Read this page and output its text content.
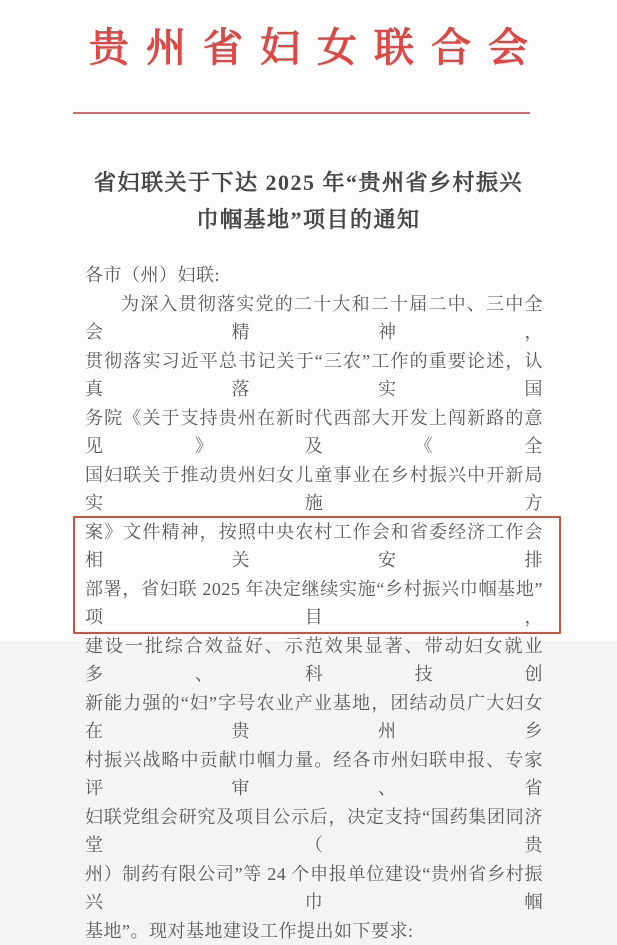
贵州省妇女联合会
省妇联关于下达 2025 年“贵州省乡村振兴
巾帼基地”项目的通知
各市（州）妇联:
为深入贯彻落实党的二十大和二十届二中、三中全会精神，
贯彻落实习近平总书记关于“三农”工作的重要论述，认真落实国
务院《关于支持贵州在新时代西部大开发上闯新路的意见》及《全
国妇联关于推动贵州妇女儿童事业在乡村振兴中开新局实施方
案》文件精神，按照中央农村工作会和省委经济工作会相关安排
部署，省妇联 2025 年决定继续实施“乡村振兴巾帼基地”项目，
建设一批综合效益好、示范效果显著、带动妇女就业多、科技创
新能力强的“妇”字号农业产业基地，团结动员广大妇女在贵州乡
村振兴战略中贡献巾帼力量。经各市州妇联申报、专家评审、省
妇联党组会研究及项目公示后，决定支持“国药集团同济堂（贵
州）制药有限公司”等 24 个申报单位建设“贵州省乡村振兴巾帼
基地”。现对基地建设工作提出如下要求:
